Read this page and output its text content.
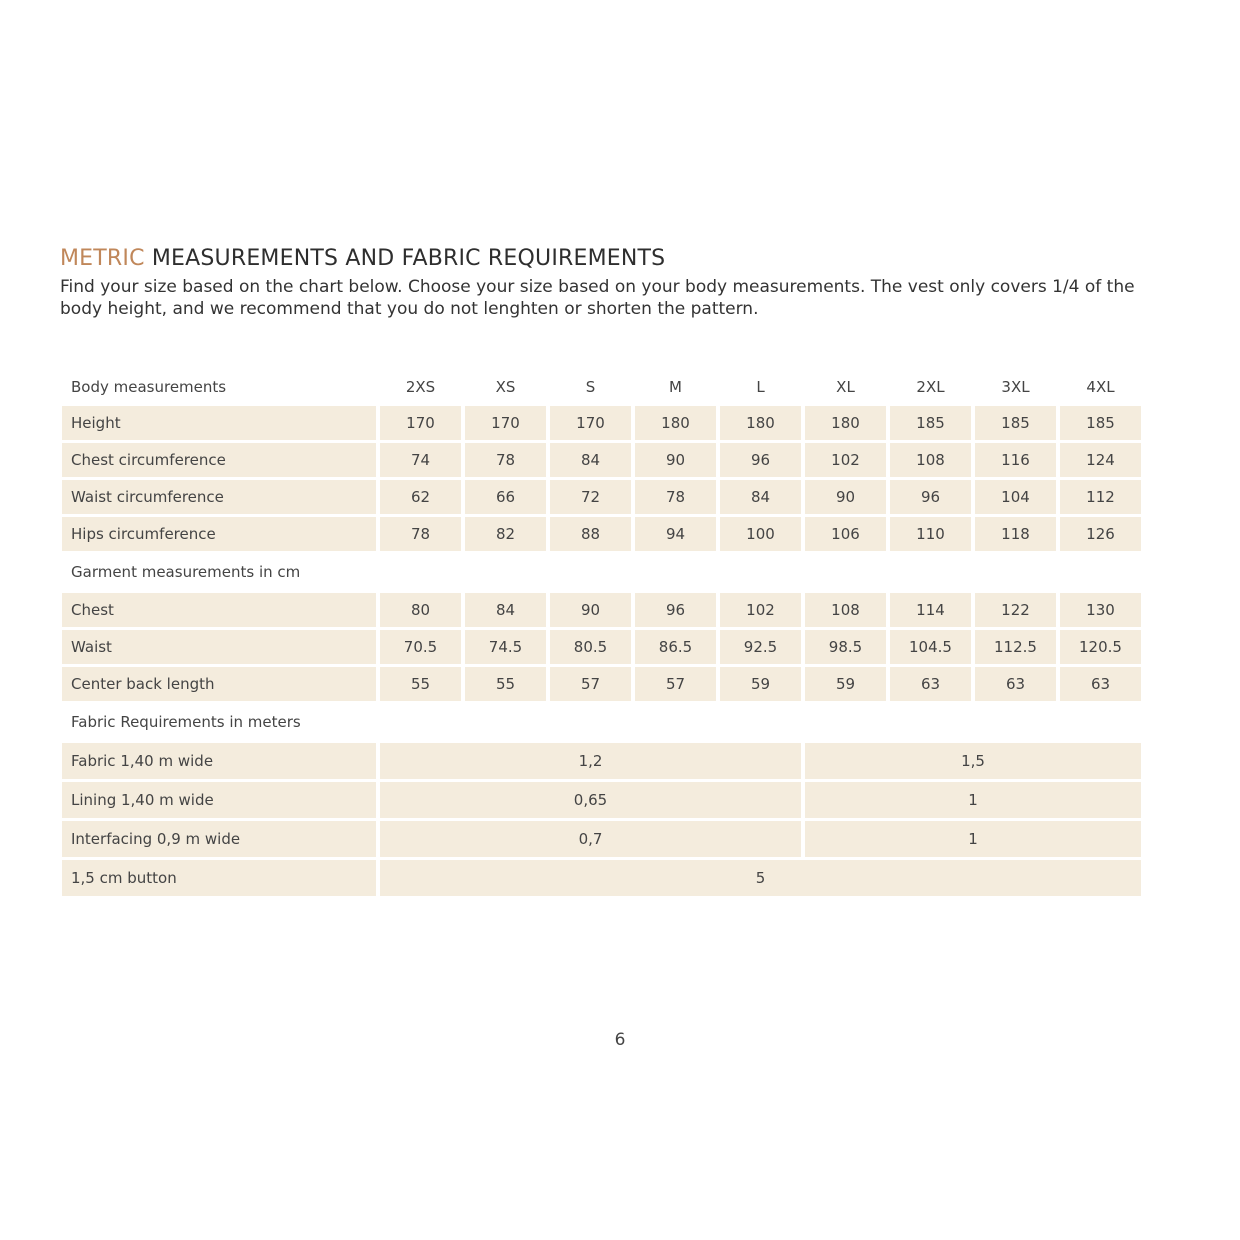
METRIC MEASUREMENTS AND FABRIC REQUIREMENTS

Find your size based on the chart below. Choose your size based on your body measurements. The vest only covers 1/4 of the body height, and we recommend that you do not lenghten or shorten the pattern.

Body measurements	2XS	XS	S	M	L	XL	2XL	3XL	4XL
Height	170	170	170	180	180	180	185	185	185
Chest circumference	74	78	84	90	96	102	108	116	124
Waist circumference	62	66	72	78	84	90	96	104	112
Hips circumference	78	82	88	94	100	106	110	118	126
Garment measurements in cm
Chest	80	84	90	96	102	108	114	122	130
Waist	70.5	74.5	80.5	86.5	92.5	98.5	104.5	112.5	120.5
Center back length	55	55	57	57	59	59	63	63	63
Fabric Requirements in meters
Fabric 1,40 m wide	1,2	1,5
Lining 1,40 m wide	0,65	1
Interfacing 0,9 m wide	0,7	1
1,5 cm button	5
6
